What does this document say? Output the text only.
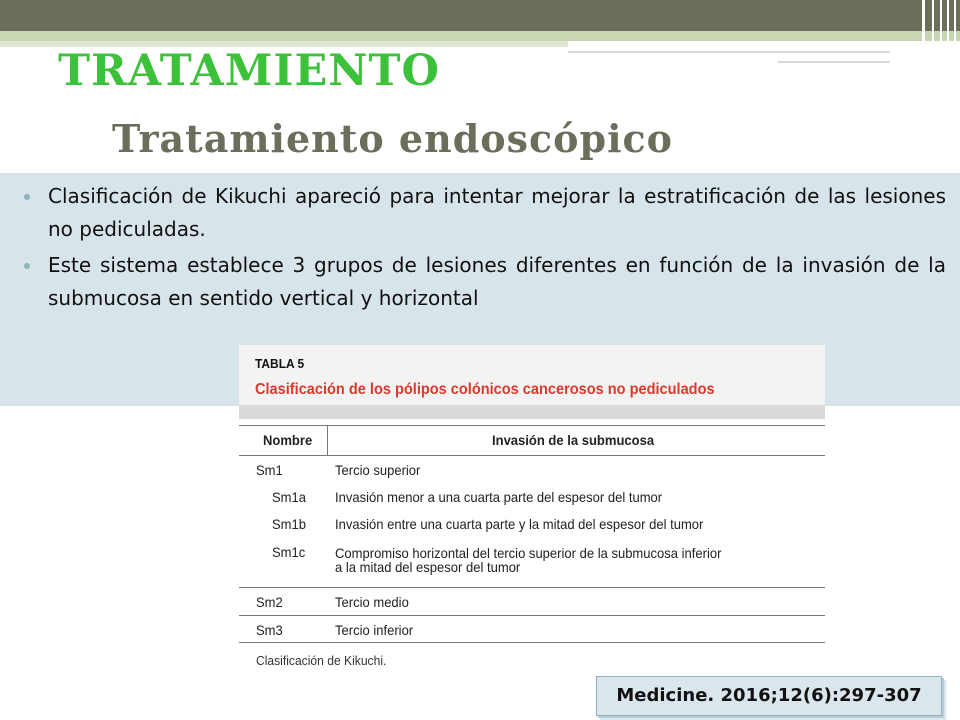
TRATAMIENTO
Tratamiento endoscópico
Clasificación de Kikuchi apareció para intentar mejorar la estratificación de las lesiones no pediculadas.
Este sistema establece 3 grupos de lesiones diferentes en función de la invasión de la submucosa en sentido vertical y horizontal
TABLA 5
Clasificación de los pólipos colónicos cancerosos no pediculados
Nombre	Invasión de la submucosa
Sm1	Tercio superior
Sm1a Invasión menor a una cuarta parte del espesor del tumor
Sm1b Invasión entre una cuarta parte y la mitad del espesor del tumor
Sm1c Compromiso horizontal del tercio superior de la submucosa inferior
a la mitad del espesor del tumor
Sm2	Tercio medio
Sm3	Tercio inferior
Clasificación de Kikuchi.
Medicine. 2016;12(6):297-307
